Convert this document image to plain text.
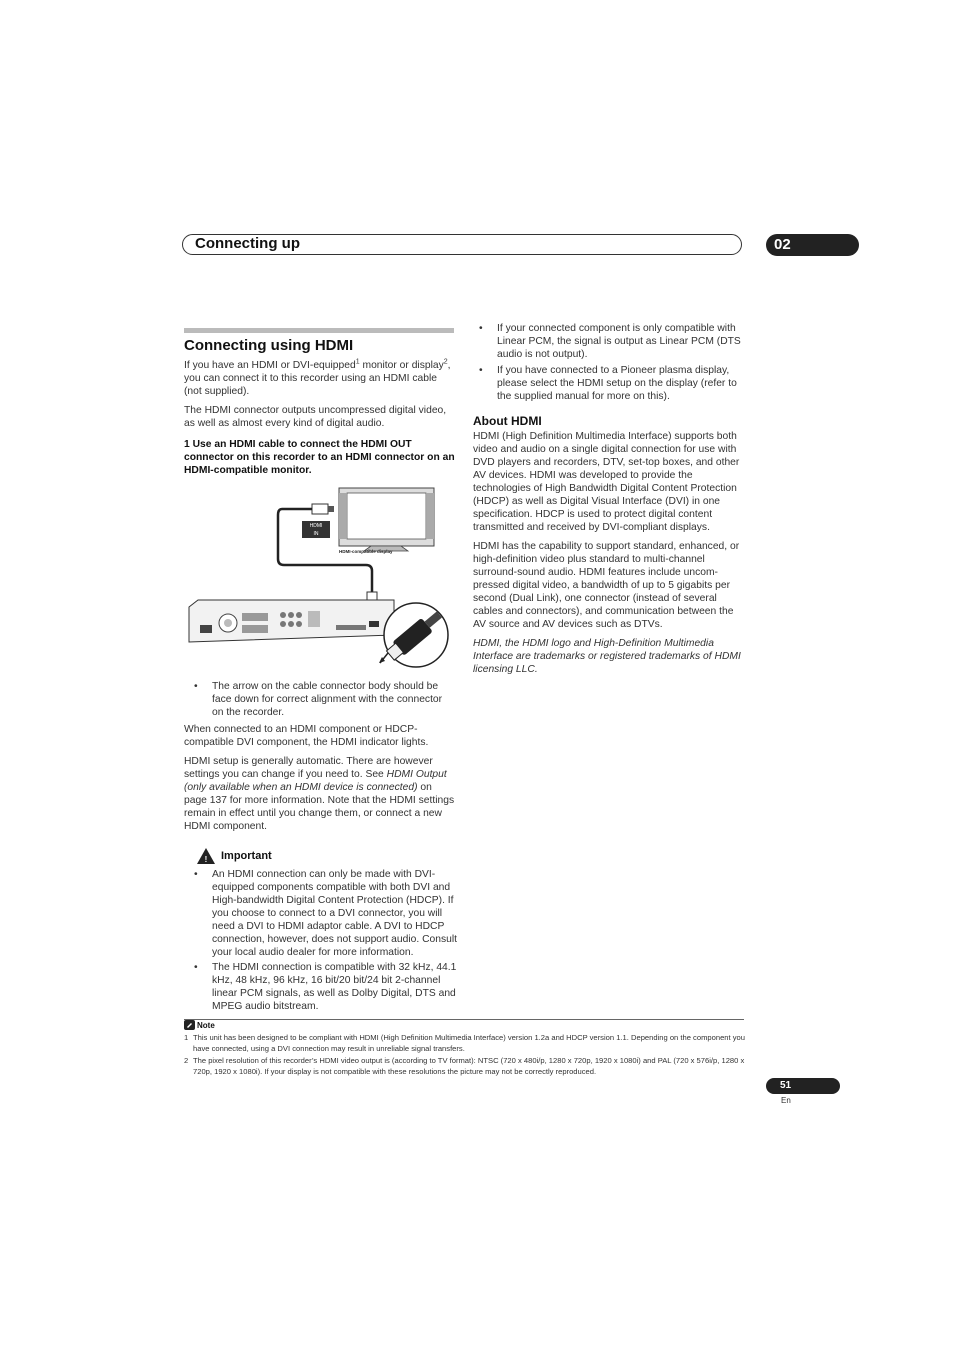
Connecting up	02
Connecting using HDMI

If you have an HDMI or DVI-equipped$^1$ monitor or display$^2$, you can connect it to this recorder using an HDMI cable (not supplied).

The HDMI connector outputs uncompressed digital video, as well as almost every kind of digital audio.

1 Use an HDMI cable to connect the HDMI OUT connector on this recorder to an HDMI connector on an HDMI-compatible monitor.

HDMI
IN
HDMI-compatible display
•	The arrow on the cable connector body should be face down for correct alignment with the connector on the recorder.

When connected to an HDMI component or HDCP-compatible DVI component, the HDMI indicator lights.

HDMI setup is generally automatic. There are however settings you can change if you need to. See HDMI Output (only available when an HDMI device is connected) on page 137 for more information. Note that the HDMI settings remain in effect until you change them, or connect a new HDMI component.

! Important
•	An HDMI connection can only be made with DVI-equipped components compatible with both DVI and High-bandwidth Digital Content Protection (HDCP). If you choose to connect to a DVI connector, you will need a DVI to HDMI adaptor cable. A DVI to HDCP connection, however, does not support audio. Consult your local audio dealer for more information.
•	The HDMI connection is compatible with 32 kHz, 44.1 kHz, 48 kHz, 96 kHz, 16 bit/20 bit/24 bit 2-channel linear PCM signals, as well as Dolby Digital, DTS and MPEG audio bitstream.
•	If your connected component is only compatible with Linear PCM, the signal is output as Linear PCM (DTS audio is not output).
•	If you have connected to a Pioneer plasma display, please select the HDMI setup on the display (refer to the supplied manual for more on this).
About HDMI

HDMI (High Definition Multimedia Interface) supports both video and audio on a single digital connection for use with DVD players and recorders, DTV, set-top boxes, and other AV devices. HDMI was developed to provide the technologies of High Bandwidth Digital Content Protection (HDCP) as well as Digital Visual Interface (DVI) in one specification. HDCP is used to protect digital content transmitted and received by DVI-compliant displays.

HDMI has the capability to support standard, enhanced, or high-definition video plus standard to multi-channel surround-sound audio. HDMI features include uncom-pressed digital video, a bandwidth of up to 5 gigabits per second (Dual Link), one connector (instead of several cables and connectors), and communication between the AV source and AV devices such as DTVs.

HDMI, the HDMI logo and High-Definition Multimedia Interface are trademarks or registered trademarks of HDMI licensing LLC.

Note
1 This unit has been designed to be compliant with HDMI (High Definition Multimedia Interface) version 1.2a and HDCP version 1.1. Depending on the component you have connected, using a DVI connection may result in unreliable signal transfers.
2 The pixel resolution of this recorder’s HDMI video output is (according to TV format): NTSC (720 x 480i/p, 1280 x 720p, 1920 x 1080i) and PAL (720 x 576i/p, 1280 x 720p, 1920 x 1080i). If your display is not compatible with these resolutions the picture may not be correctly reproduced.
51
En
